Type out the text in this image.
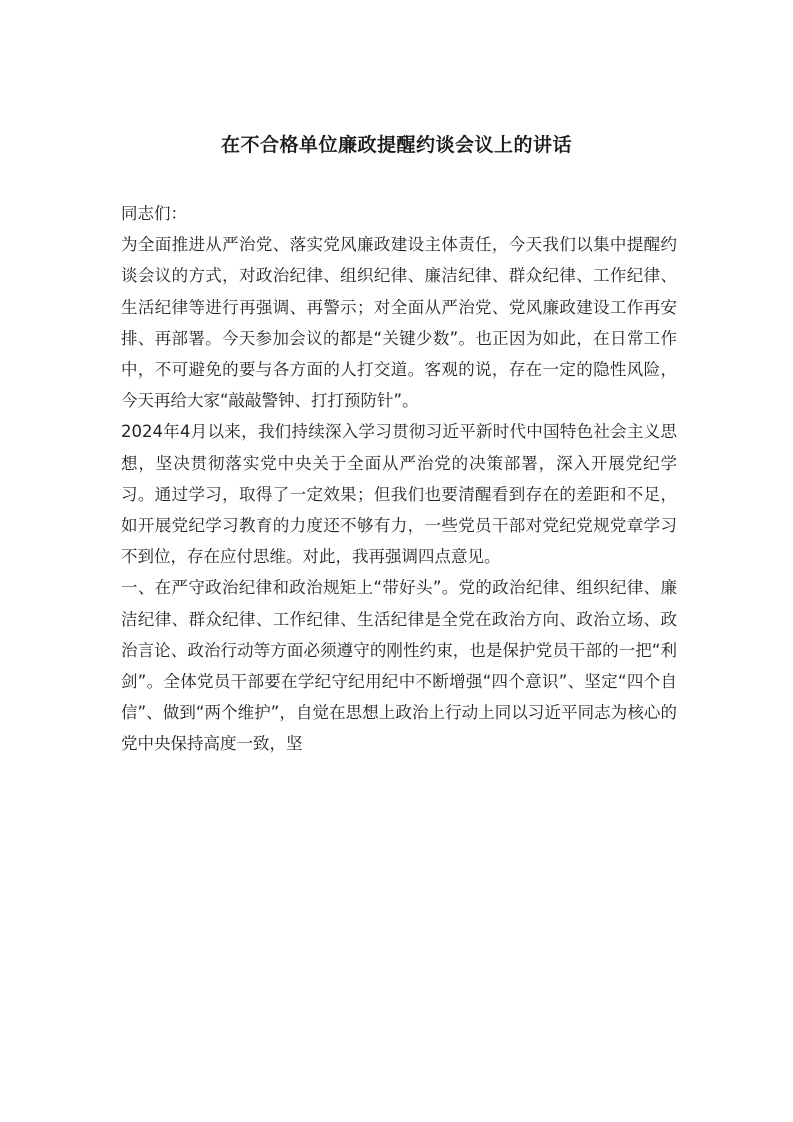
在不合格单位廉政提醒约谈会议上的讲话

同志们：

为全面推进从严治党、落实党风廉政建设主体责任，今天我们以集中提醒约谈会议的方式，对政治纪律、组织纪律、廉洁纪律、群众纪律、工作纪律、生活纪律等进行再强调、再警示；对全面从严治党、党风廉政建设工作再安排、再部署。今天参加会议的都是“关键少数”。也正因为如此，在日常工作中，不可避免的要与各方面的人打交道。客观的说，存在一定的隐性风险，今天再给大家“敲敲警钟、打打预防针”。

2024年4月以来，我们持续深入学习贯彻习近平新时代中国特色社会主义思想，坚决贯彻落实党中央关于全面从严治党的决策部署，深入开展党纪学习。通过学习，取得了一定效果；但我们也要清醒看到存在的差距和不足，如开展党纪学习教育的力度还不够有力，一些党员干部对党纪党规党章学习不到位，存在应付思维。对此，我再强调四点意见。

一、在严守政治纪律和政治规矩上“带好头”。党的政治纪律、组织纪律、廉洁纪律、群众纪律、工作纪律、生活纪律是全党在政治方向、政治立场、政治言论、政治行动等方面必须遵守的刚性约束，也是保护党员干部的一把“利剑”。全体党员干部要在学纪守纪用纪中不断增强“四个意识”、坚定“四个自信”、做到“两个维护”，自觉在思想上政治上行动上同以习近平同志为核心的党中央保持高度一致，坚
